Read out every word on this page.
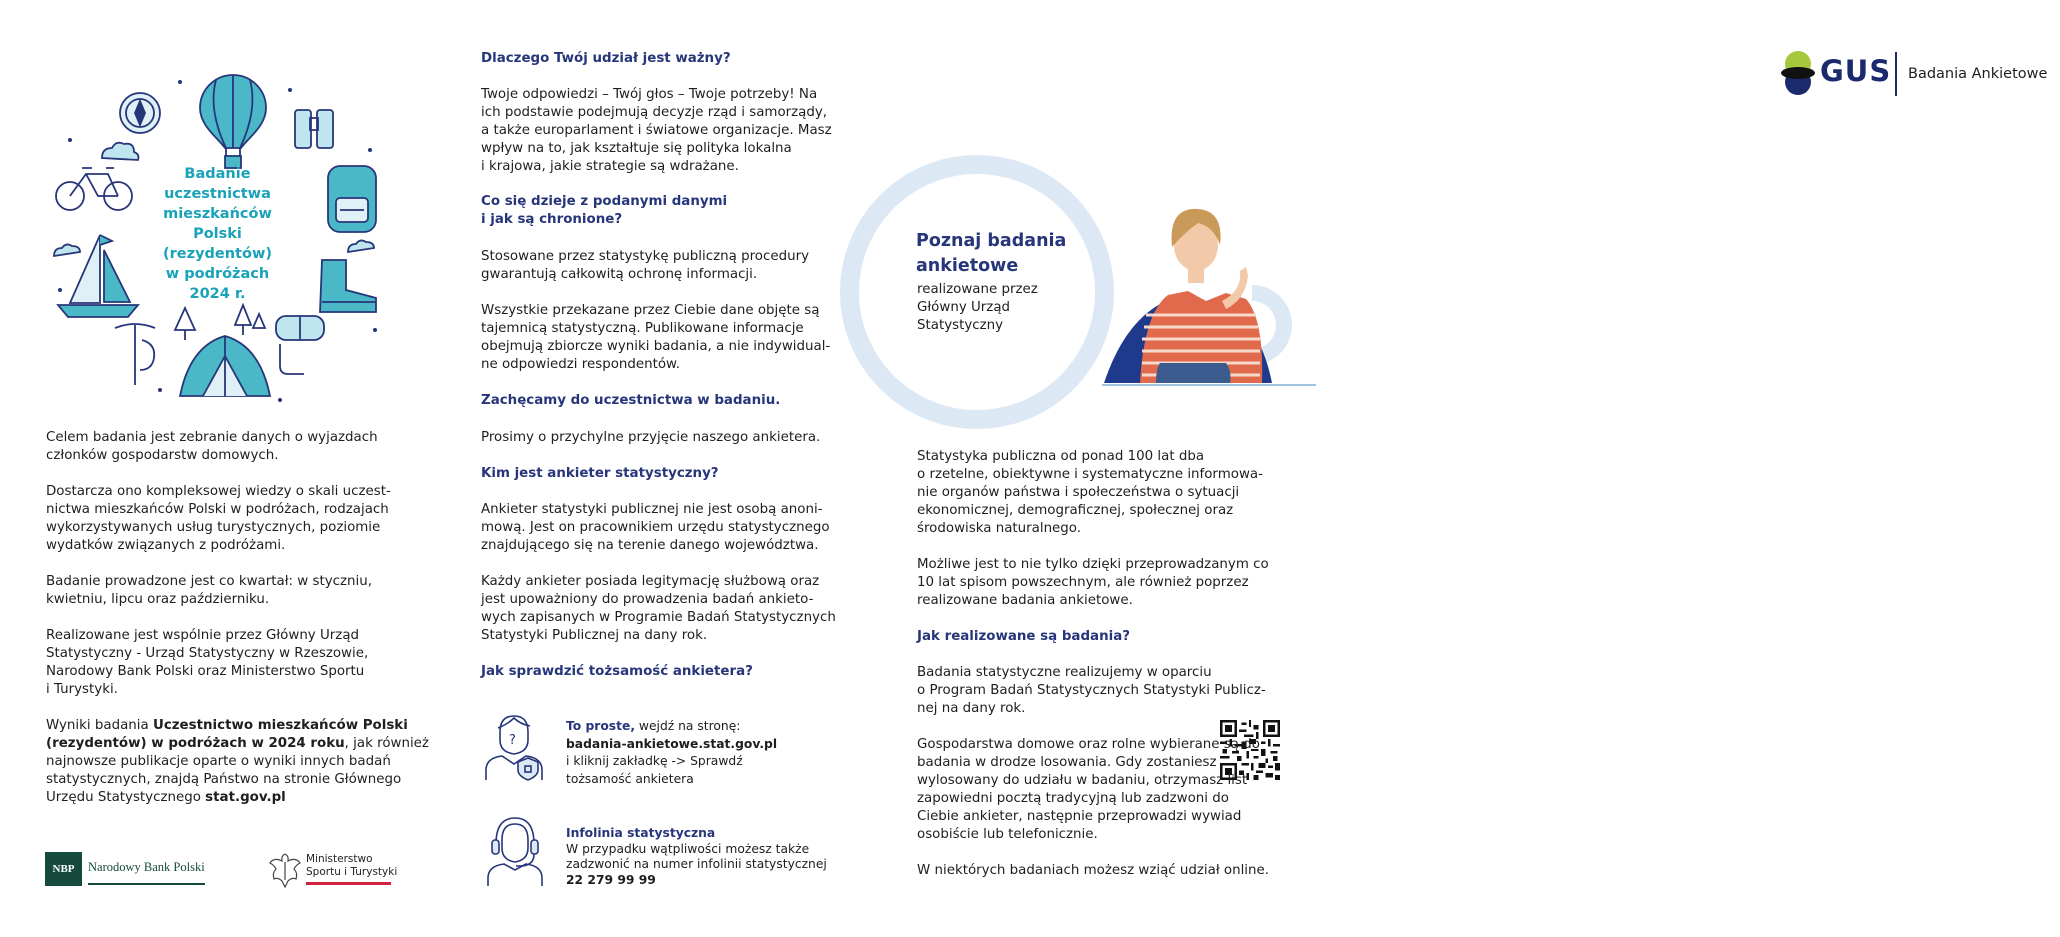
Badanie
uczestnictwa
mieszkańców
Polski
(rezydentów)
w podróżach
2024 r.

Celem badania jest zebranie danych o wyjazdach

członków gospodarstw domowych.

Dostarcza ono kompleksowej wiedzy o skali uczest-

nictwa mieszkańców Polski w podróżach, rodzajach

wykorzystywanych usług turystycznych, poziomie

wydatków związanych z podróżami.

Badanie prowadzone jest co kwartał: w styczniu,

kwietniu, lipcu oraz październiku.

Realizowane jest wspólnie przez Główny Urząd

Statystyczny - Urząd Statystyczny w Rzeszowie,

Narodowy Bank Polski oraz Ministerstwo Sportu

i Turystyki.

Wyniki badania Uczestnictwo mieszkańców Polski

(rezydentów) w podróżach w 2024 roku, jak również

najnowsze publikacje oparte o wyniki innych badań

statystycznych, znajdą Państwo na stronie Głównego

Urzędu Statystycznego stat.gov.pl

NBP	Narodowy Bank Polski
Ministerstwo
Sportu i Turystyki
Dlaczego Twój udział jest ważny?

Twoje odpowiedzi – Twój głos – Twoje potrzeby! Na

ich podstawie podejmują decyzje rząd i samorządy,

a także europarlament i światowe organizacje. Masz

wpływ na to, jak kształtuje się polityka lokalna

i krajowa, jakie strategie są wdrażane.

Co się dzieje z podanymi danymi
i jak są chronione?

Stosowane przez statystykę publiczną procedury

gwarantują całkowitą ochronę informacji.

Wszystkie przekazane przez Ciebie dane objęte są

tajemnicą statystyczną. Publikowane informacje

obejmują zbiorcze wyniki badania, a nie indywidual-

ne odpowiedzi respondentów.

Zachęcamy do uczestnictwa w badaniu.

Prosimy o przychylne przyjęcie naszego ankietera.

Kim jest ankieter statystyczny?

Ankieter statystyki publicznej nie jest osobą anoni-

mową. Jest on pracownikiem urzędu statystycznego

znajdującego się na terenie danego województwa.

Każdy ankieter posiada legitymację służbową oraz

jest upoważniony do prowadzenia badań ankieto-

wych zapisanych w Programie Badań Statystycznych

Statystyki Publicznej na dany rok.

Jak sprawdzić tożsamość ankietera?
?

To proste, wejdź na stronę:

badania-ankietowe.stat.gov.pl

i kliknij zakładkę -> Sprawdź

tożsamość ankietera

Infolinia statystyczna

W przypadku wątpliwości możesz także

zadzwonić na numer infolinii statystycznej

22 279 99 99

GUS Badania Ankietowe
Poznaj badania
ankietowe

realizowane przez

Główny Urząd

Statystyczny

Statystyka publiczna od ponad 100 lat dba

o rzetelne, obiektywne i systematyczne informowa-

nie organów państwa i społeczeństwa o sytuacji

ekonomicznej, demograficznej, społecznej oraz

środowiska naturalnego.

Możliwe jest to nie tylko dzięki przeprowadzanym co

10 lat spisom powszechnym, ale również poprzez

realizowane badania ankietowe.

Jak realizowane są badania?

Badania statystyczne realizujemy w oparciu

o Program Badań Statystycznych Statystyki Publicz-

nej na dany rok.

Gospodarstwa domowe oraz rolne wybierane są do

badania w drodze losowania. Gdy zostaniesz

wylosowany do udziału w badaniu, otrzymasz list

zapowiedni pocztą tradycyjną lub zadzwoni do

Ciebie ankieter, następnie przeprowadzi wywiad

osobiście lub telefonicznie.

W niektórych badaniach możesz wziąć udział online.
